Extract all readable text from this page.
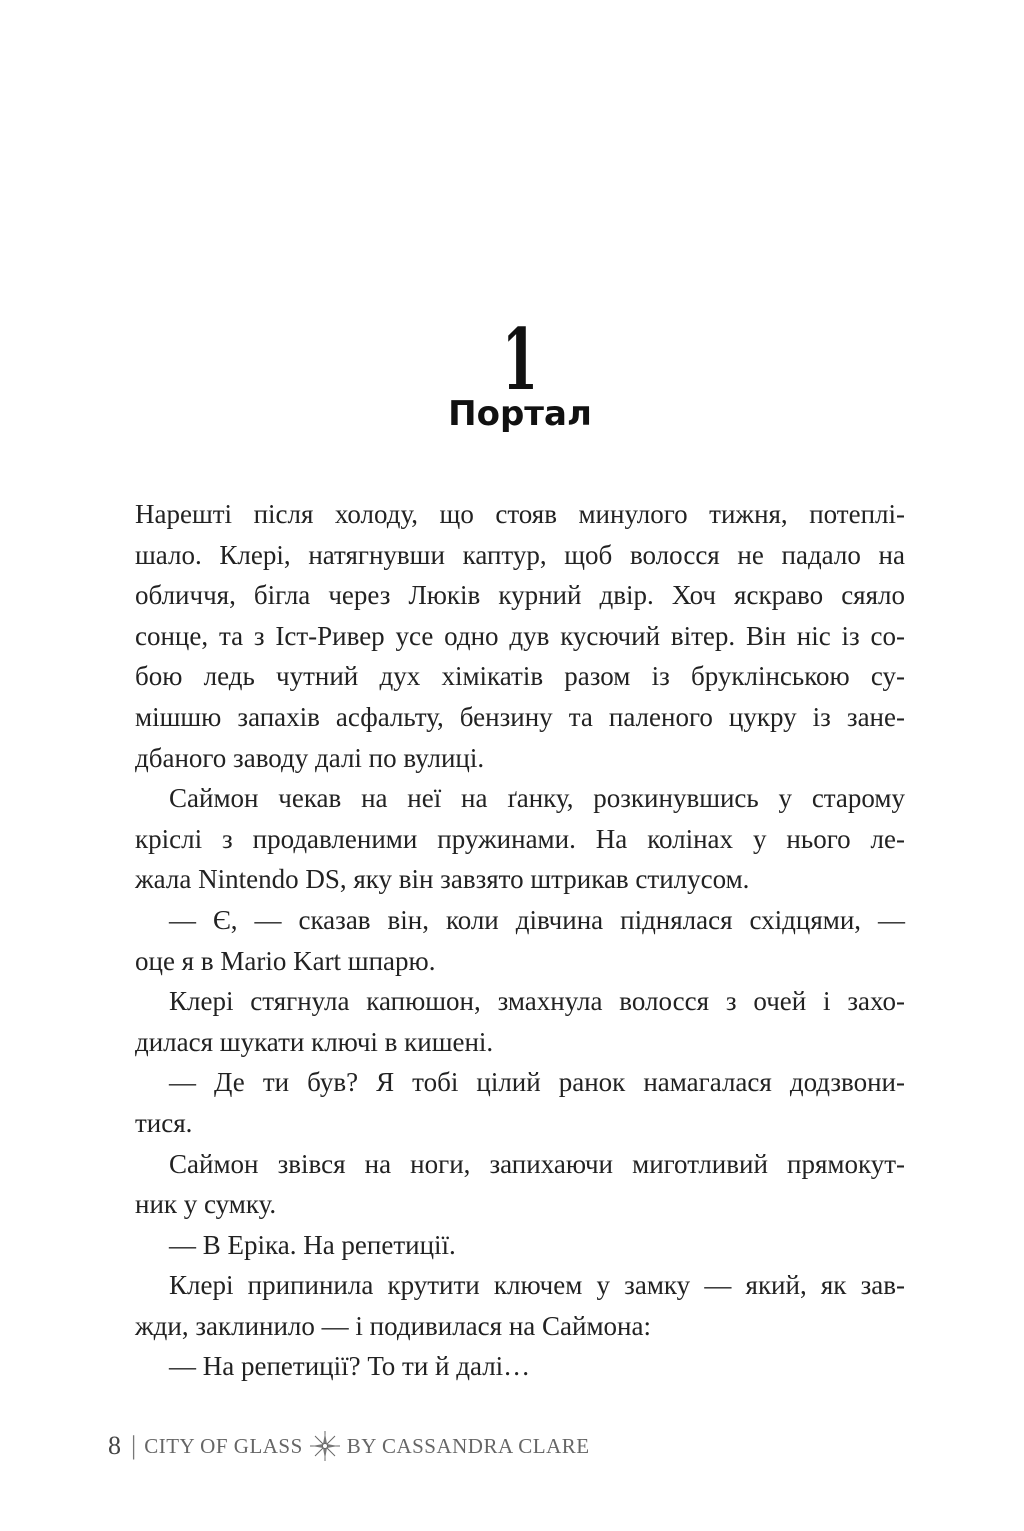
1
Портал
Нарешті після холоду, що стояв минулого тижня, потеплі-
шало. Клері, натягнувши каптур, щоб волосся не падало на
обличчя, бігла через Люків курний двір. Хоч яскраво сяяло
сонце, та з Іст-Ривер усе одно дув кусючий вітер. Він ніс із со-
бою ледь чутний дух хімікатів разом із бруклінською су-
мішшю запахів асфальту, бензину та паленого цукру із зане-
дбаного заводу далі по вулиці.
Саймон чекав на неї на ґанку, розкинувшись у старому
кріслі з продавленими пружинами. На колінах у нього ле-
жала Nintendo DS, яку він завзято штрикав стилусом.
— Є, — сказав він, коли дівчина піднялася східцями, —
оце я в Mario Kart шпарю.
Клері стягнула капюшон, змахнула волосся з очей і захо-
дилася шукати ключі в кишені.
— Де ти був? Я тобі цілий ранок намагалася додзвони-
тися.
Саймон звівся на ноги, запихаючи миготливий прямокут-
ник у сумку.
— В Еріка. На репетиції.
Клері припинила крутити ключем у замку — який, як зав-
жди, заклинило — і подивилася на Саймона:
— На репетиції? То ти й далі…
8 | CITY OF GLASS BY CASSANDRA CLARE
